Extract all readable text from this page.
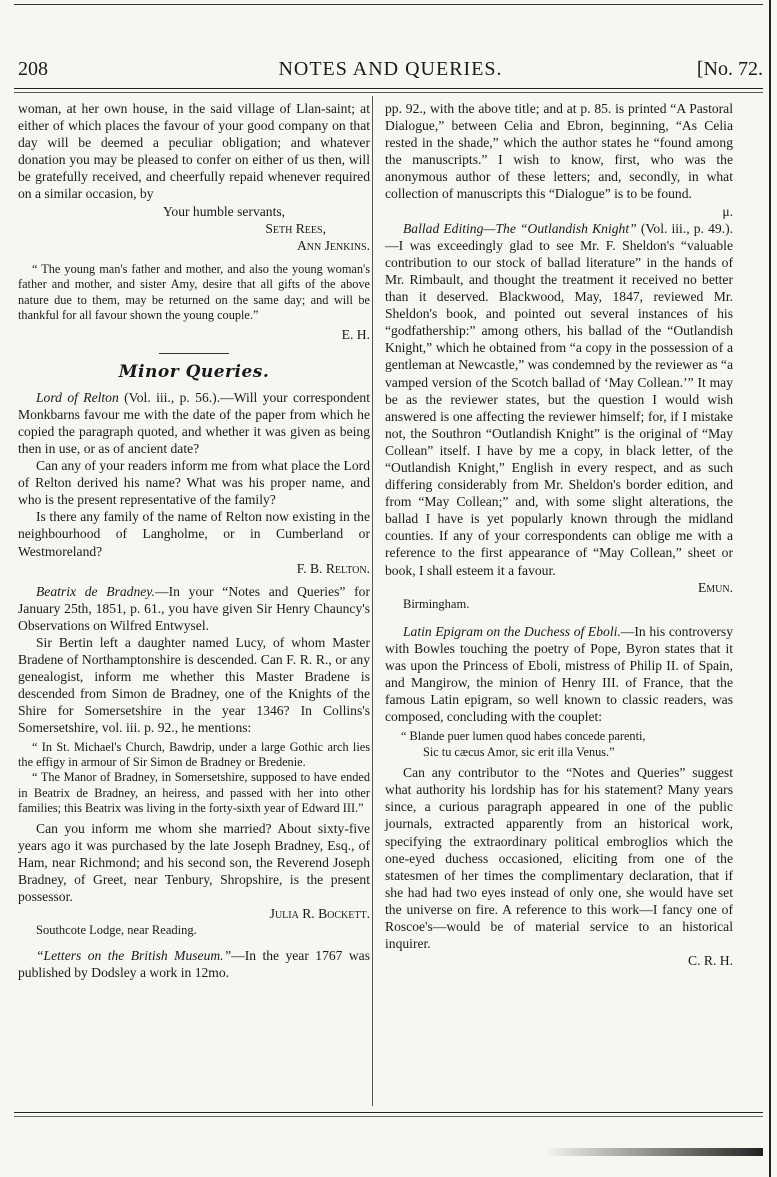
208	NOTES AND QUERIES.	[No. 72.

woman, at her own house, in the said village of Llan-saint; at either of which places the favour of your good company on that day will be deemed a peculiar obligation; and whatever donation you may be pleased to confer on either of us then, will be gratefully received, and cheerfully repaid whenever required on a similar occasion, by

Your humble servants,

Seth Rees,

Ann Jenkins.

“ The young man's father and mother, and also the young woman's father and mother, and sister Amy, desire that all gifts of the above nature due to them, may be returned on the same day; and will be thankful for all favour shown the young couple.”

E. H.

Minor Queries.

Lord of Relton (Vol. iii., p. 56.).—Will your correspondent Monkbarns favour me with the date of the paper from which he copied the paragraph quoted, and whether it was given as being then in use, or as of ancient date?

Can any of your readers inform me from what place the Lord of Relton derived his name? What was his proper name, and who is the present representative of the family?

Is there any family of the name of Relton now existing in the neighbourhood of Langholme, or in Cumberland or Westmoreland?

F. B. Relton.

Beatrix de Bradney.—In your “Notes and Queries” for January 25th, 1851, p. 61., you have given Sir Henry Chauncy's Observations on Wilfred Entwysel.

Sir Bertin left a daughter named Lucy, of whom Master Bradene of Northamptonshire is descended. Can F. R. R., or any genealogist, inform me whether this Master Bradene is descended from Simon de Bradney, one of the Knights of the Shire for Somersetshire in the year 1346? In Collins's Somersetshire, vol. iii. p. 92., he mentions:

“ In St. Michael's Church, Bawdrip, under a large Gothic arch lies the effigy in armour of Sir Simon de Bradney or Bredenie.

“ The Manor of Bradney, in Somersetshire, supposed to have ended in Beatrix de Bradney, an heiress, and passed with her into other families; this Beatrix was living in the forty-sixth year of Edward III.”

Can you inform me whom she married? About sixty-five years ago it was purchased by the late Joseph Bradney, Esq., of Ham, near Richmond; and his second son, the Reverend Joseph Bradney, of Greet, near Tenbury, Shropshire, is the present possessor.

Julia R. Bockett.

Southcote Lodge, near Reading.

“Letters on the British Museum.”—In the year 1767 was published by Dodsley a work in 12mo.

pp. 92., with the above title; and at p. 85. is printed “A Pastoral Dialogue,” between Celia and Ebron, beginning, “As Celia rested in the shade,” which the author states he “found among the manuscripts.” I wish to know, first, who was the anonymous author of these letters; and, secondly, in what collection of manuscripts this “Dialogue” is to be found.

μ.

Ballad Editing—The “Outlandish Knight” (Vol. iii., p. 49.).—I was exceedingly glad to see Mr. F. Sheldon's “valuable contribution to our stock of ballad literature” in the hands of Mr. Rimbault, and thought the treatment it received no better than it deserved. Blackwood, May, 1847, reviewed Mr. Sheldon's book, and pointed out several instances of his “godfathership:” among others, his ballad of the “Outlandish Knight,” which he obtained from “a copy in the possession of a gentleman at Newcastle,” was condemned by the reviewer as “a vamped version of the Scotch ballad of ‘May Collean.’” It may be as the reviewer states, but the question I would wish answered is one affecting the reviewer himself; for, if I mistake not, the Southron “Outlandish Knight” is the original of “May Collean” itself. I have by me a copy, in black letter, of the “Outlandish Knight,” English in every respect, and as such differing considerably from Mr. Sheldon's border edition, and from “May Collean;” and, with some slight alterations, the ballad I have is yet popularly known through the midland counties. If any of your correspondents can oblige me with a reference to the first appearance of “May Collean,” sheet or book, I shall esteem it a favour.

Emun.

Birmingham.

Latin Epigram on the Duchess of Eboli.—In his controversy with Bowles touching the poetry of Pope, Byron states that it was upon the Princess of Eboli, mistress of Philip II. of Spain, and Mangirow, the minion of Henry III. of France, that the famous Latin epigram, so well known to classic readers, was composed, concluding with the couplet:

“ Blande puer lumen quod habes concede parenti,
Sic tu cæcus Amor, sic erit illa Venus.”

Can any contributor to the “Notes and Queries” suggest what authority his lordship has for his statement? Many years since, a curious paragraph appeared in one of the public journals, extracted apparently from an historical work, specifying the extraordinary political embroglios which the one-eyed duchess occasioned, eliciting from one of the statesmen of her times the complimentary declaration, that if she had had two eyes instead of only one, she would have set the universe on fire. A reference to this work—I fancy one of Roscoe's—would be of material service to an historical inquirer.

C. R. H.
